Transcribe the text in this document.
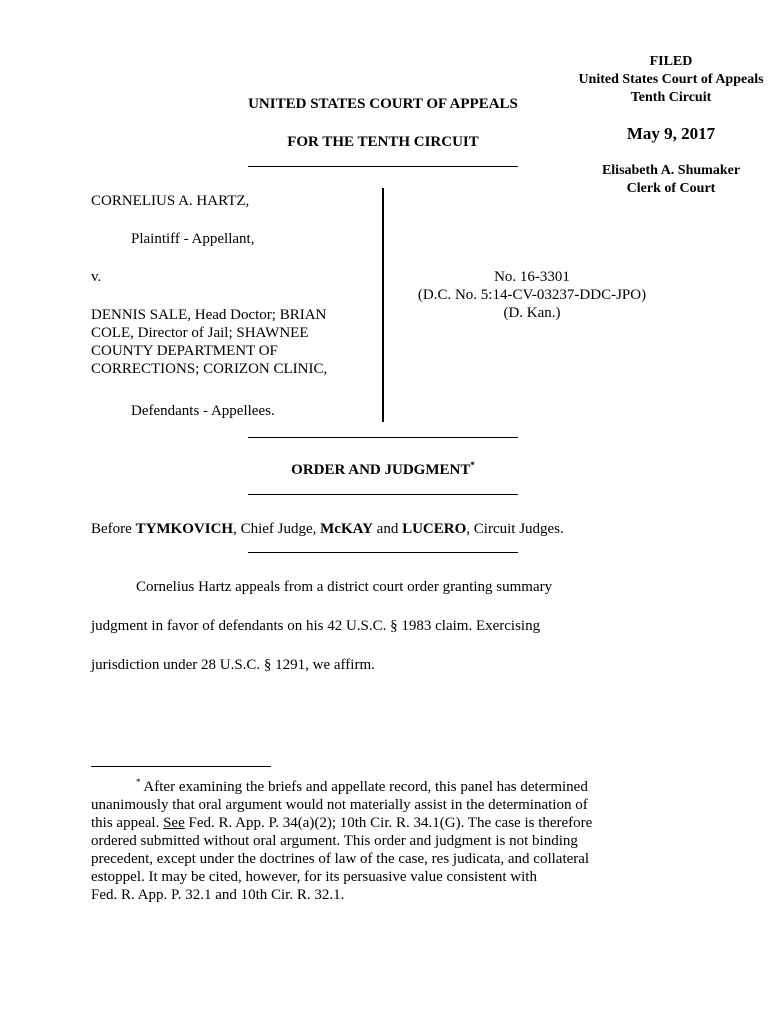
FILED
United States Court of Appeals
Tenth Circuit
May 9, 2017
Elisabeth A. Shumaker
Clerk of Court
UNITED STATES COURT OF APPEALS
FOR THE TENTH CIRCUIT
CORNELIUS A. HARTZ,
Plaintiff - Appellant,
v.
DENNIS SALE, Head Doctor; BRIAN
COLE, Director of Jail; SHAWNEE
COUNTY DEPARTMENT OF
CORRECTIONS; CORIZON CLINIC,
Defendants - Appellees.
No. 16-3301
(D.C. No. 5:14-CV-03237-DDC-JPO)
(D. Kan.)
ORDER AND JUDGMENT*
Before TYMKOVICH, Chief Judge, McKAY and LUCERO, Circuit Judges.
Cornelius Hartz appeals from a district court order granting summary
judgment in favor of defendants on his 42 U.S.C. § 1983 claim. Exercising
jurisdiction under 28 U.S.C. § 1291, we affirm.
* After examining the briefs and appellate record, this panel has determined
unanimously that oral argument would not materially assist in the determination of
this appeal. See Fed. R. App. P. 34(a)(2); 10th Cir. R. 34.1(G). The case is therefore
ordered submitted without oral argument. This order and judgment is not binding
precedent, except under the doctrines of law of the case, res judicata, and collateral
estoppel. It may be cited, however, for its persuasive value consistent with
Fed. R. App. P. 32.1 and 10th Cir. R. 32.1.
